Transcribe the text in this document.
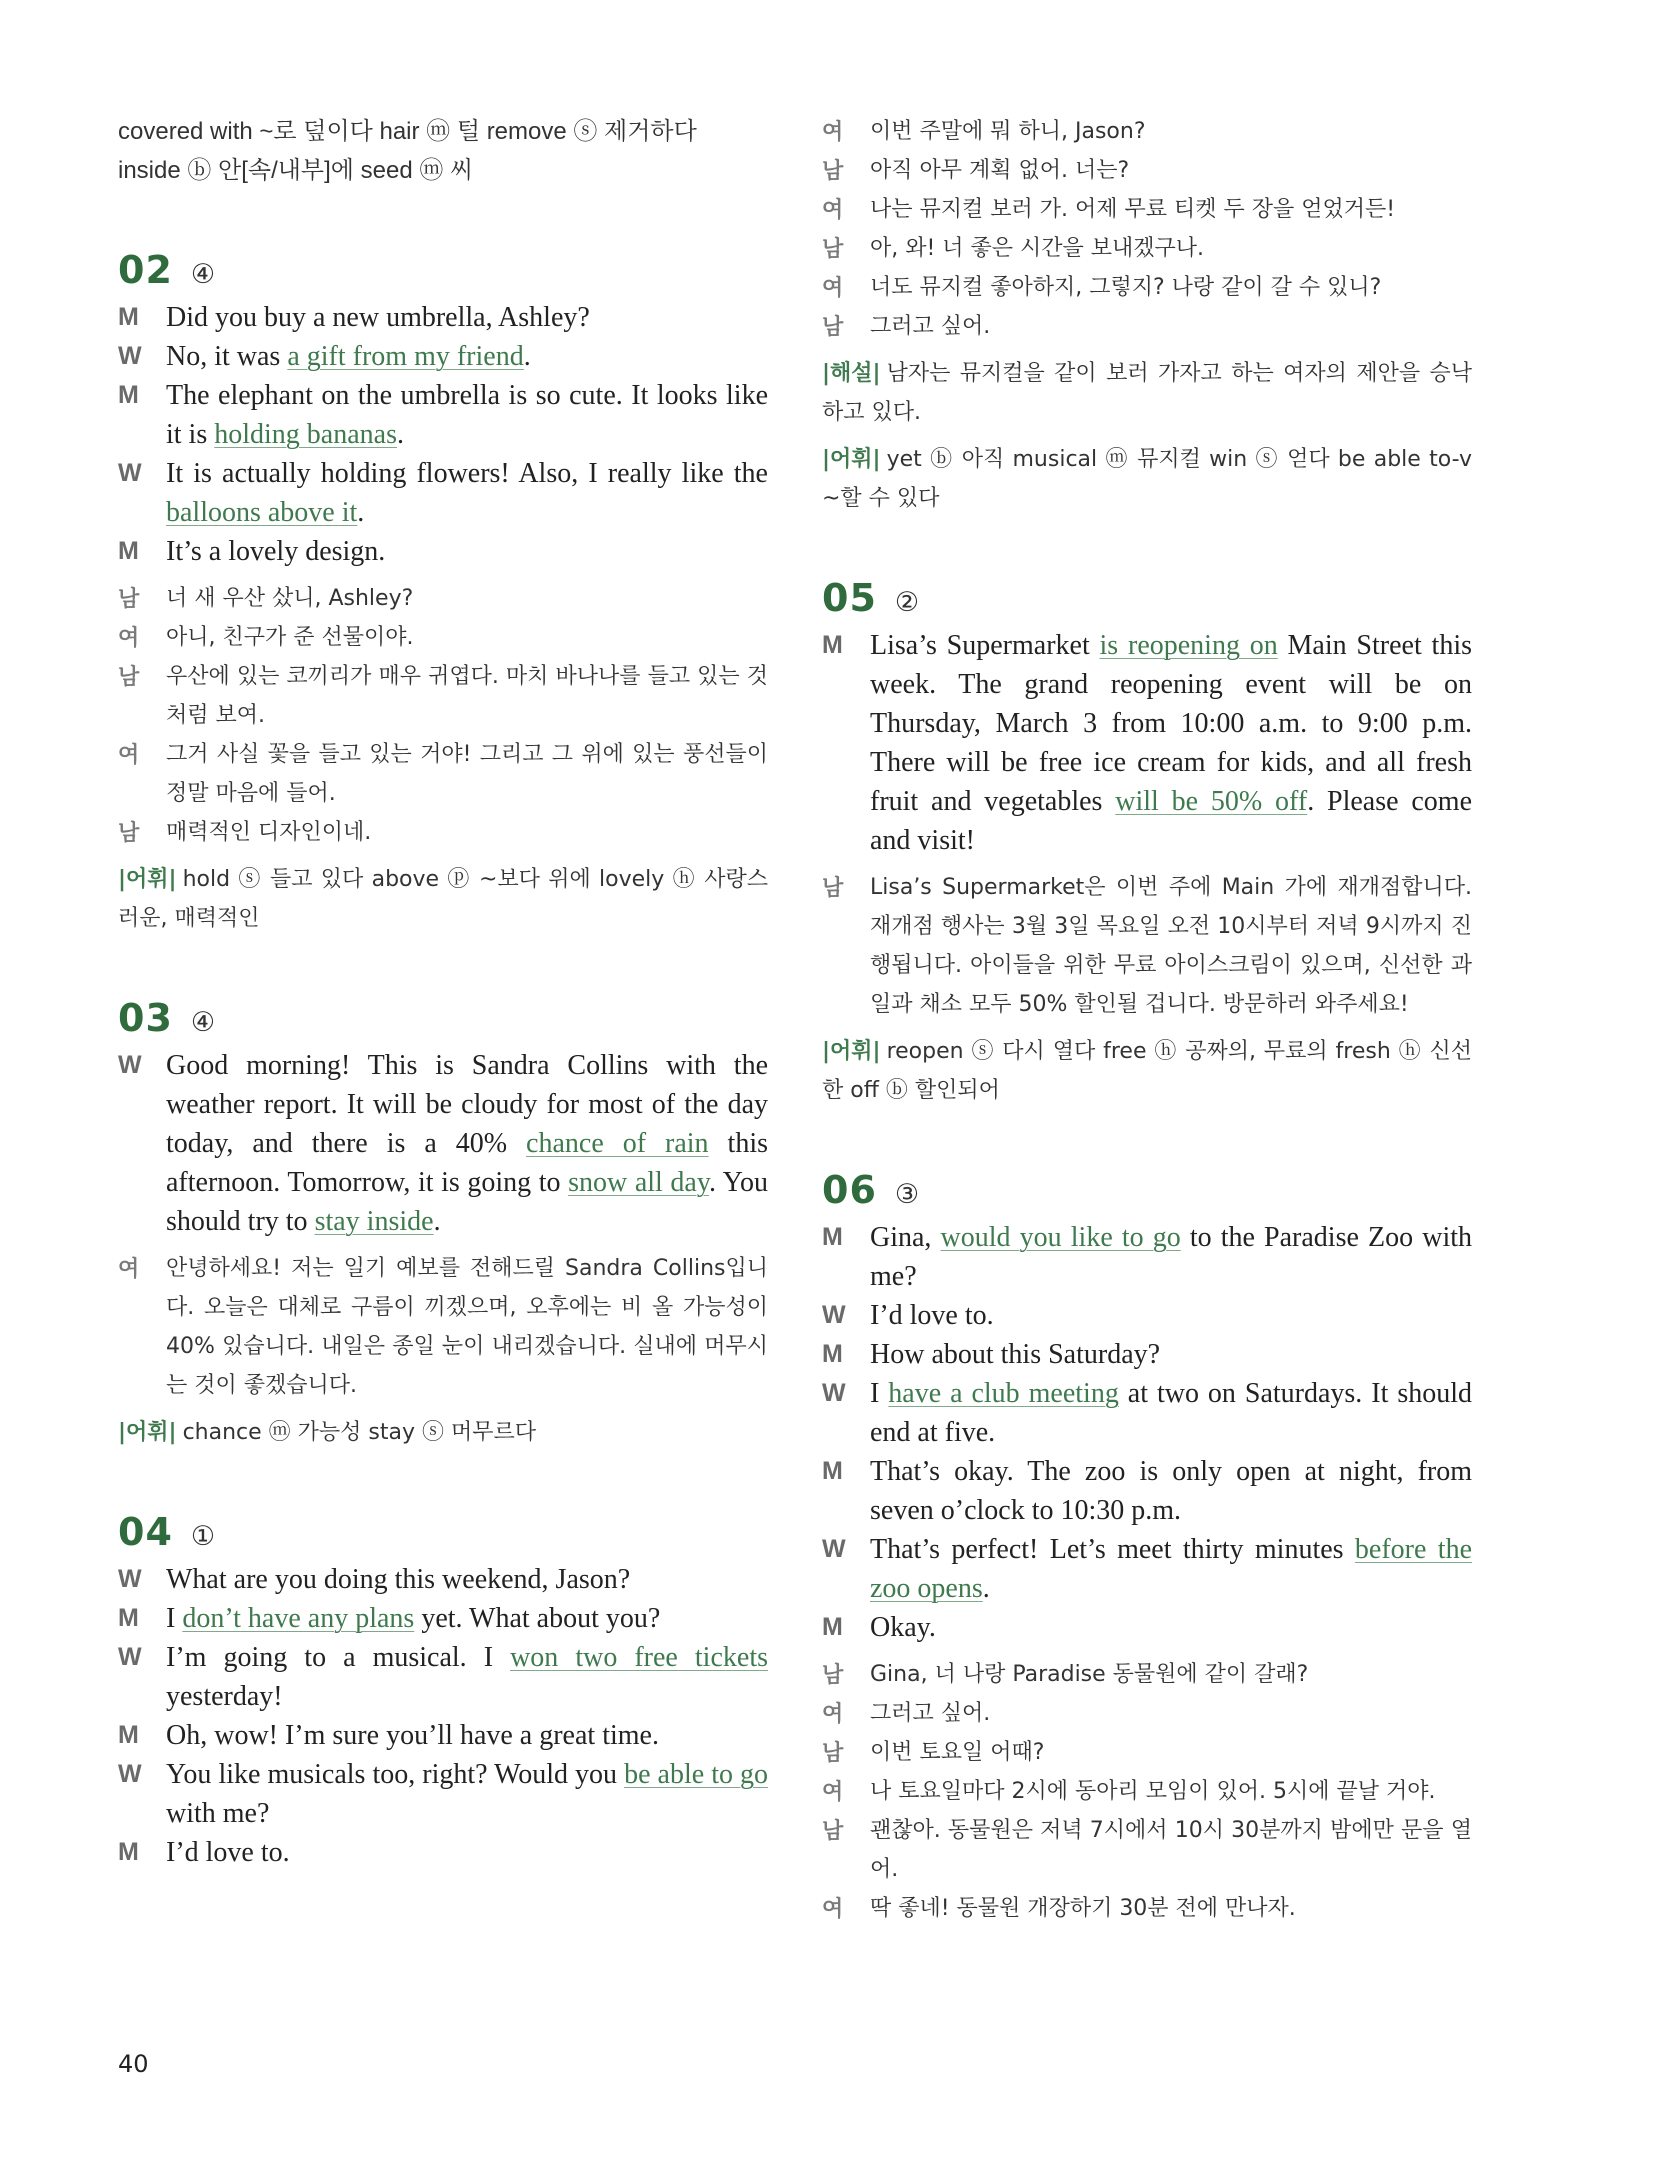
covered with ~로 덮이다 hair ⓜ 털 remove ⓢ 제거하다
inside ⓑ 안[속/내부]에 seed ⓜ 씨
02 ④
M Did you buy a new umbrella, Ashley?
W No, it was a gift from my friend.
M The elephant on the umbrella is so cute. It looks like it is holding bananas.
W It is actually holding flowers! Also, I really like the balloons above it.
M It’s a lovely design.
남	너 새 우산 샀니, Ashley?
여	아니, 친구가 준 선물이야.
남	우산에 있는 코끼리가 매우 귀엽다. 마치 바나나를 들고 있는 것처럼 보여.
여	그거 사실 꽃을 들고 있는 거야! 그리고 그 위에 있는 풍선들이 정말 마음에 들어.
남	매력적인 디자인이네.
|어휘| hold ⓢ 들고 있다 above ⓟ ~보다 위에 lovely ⓗ 사랑스러운, 매력적인
03 ④
W Good morning! This is Sandra Collins with the weather report. It will be cloudy for most of the day today, and there is a 40% chance of rain this afternoon. Tomorrow, it is going to snow all day. You should try to stay inside.
여	안녕하세요! 저는 일기 예보를 전해드릴 Sandra Collins입니다. 오늘은 대체로 구름이 끼겠으며, 오후에는 비 올 가능성이 40% 있습니다. 내일은 종일 눈이 내리겠습니다. 실내에 머무시는 것이 좋겠습니다.
|어휘| chance ⓜ 가능성 stay ⓢ 머무르다
04 ①
W What are you doing this weekend, Jason?
M I don’t have any plans yet. What about you?
W I’m going to a musical. I won two free tickets yesterday!
M Oh, wow! I’m sure you’ll have a great time.
W You like musicals too, right? Would you be able to go with me?
M I’d love to.
여	이번 주말에 뭐 하니, Jason?
남	아직 아무 계획 없어. 너는?
여	나는 뮤지컬 보러 가. 어제 무료 티켓 두 장을 얻었거든!
남	아, 와! 너 좋은 시간을 보내겠구나.
여	너도 뮤지컬 좋아하지, 그렇지? 나랑 같이 갈 수 있니?
남	그러고 싶어.
|해설| 남자는 뮤지컬을 같이 보러 가자고 하는 여자의 제안을 승낙하고 있다.
|어휘| yet ⓑ 아직 musical ⓜ 뮤지컬 win ⓢ 얻다 be able to-v ~할 수 있다
05 ②
M Lisa’s Supermarket is reopening on Main Street this week. The grand reopening event will be on Thursday, March 3 from 10:00 a.m. to 9:00 p.m. There will be free ice cream for kids, and all fresh fruit and vegetables will be 50% off. Please come and visit!
남	Lisa’s Supermarket은 이번 주에 Main 가에 재개점합니다. 재개점 행사는 3월 3일 목요일 오전 10시부터 저녁 9시까지 진행됩니다. 아이들을 위한 무료 아이스크림이 있으며, 신선한 과일과 채소 모두 50% 할인될 겁니다. 방문하러 와주세요!
|어휘| reopen ⓢ 다시 열다 free ⓗ 공짜의, 무료의 fresh ⓗ 신선한 off ⓑ 할인되어
06 ③
M Gina, would you like to go to the Paradise Zoo with me?
W I’d love to.
M How about this Saturday?
W I have a club meeting at two on Saturdays. It should end at five.
M That’s okay. The zoo is only open at night, from seven o’clock to 10:30 p.m.
W That’s perfect! Let’s meet thirty minutes before the zoo opens.
M Okay.
남	Gina, 너 나랑 Paradise 동물원에 같이 갈래?
여	그러고 싶어.
남	이번 토요일 어때?
여	나 토요일마다 2시에 동아리 모임이 있어. 5시에 끝날 거야.
남	괜찮아. 동물원은 저녁 7시에서 10시 30분까지 밤에만 문을 열어.
여	딱 좋네! 동물원 개장하기 30분 전에 만나자.
40
